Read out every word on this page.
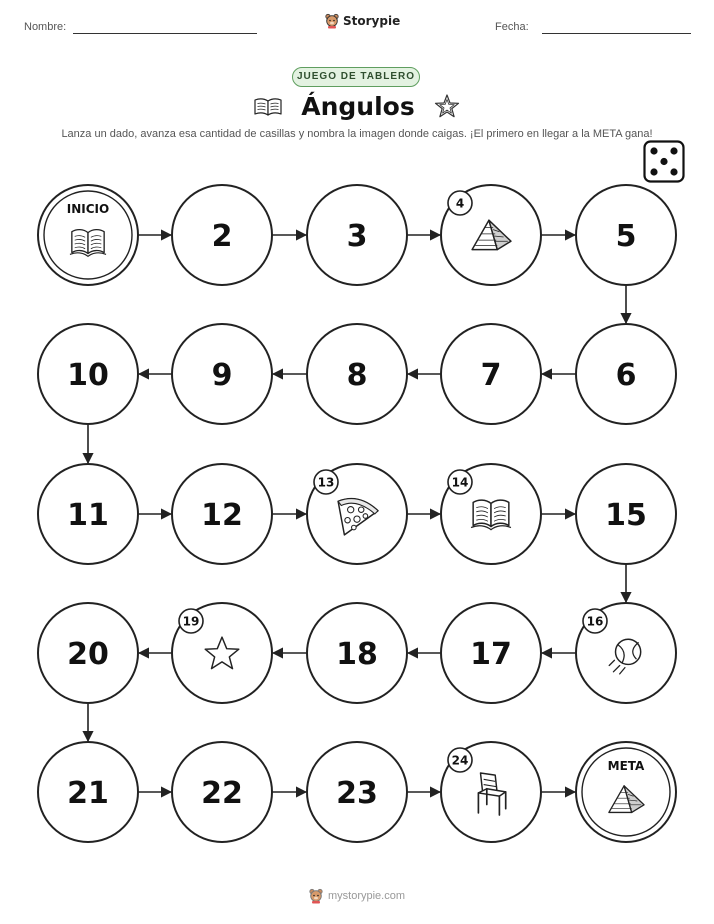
Nombre:	Storypie	Fecha:
JUEGO DE TABLERO
Ángulos
Lanza un dado, avanza esa cantidad de casillas y nombra la imagen donde caigas. ¡El primero en llegar a la META gana!
INICIO
2	3
4
5
6
7
8
9
10
11	12
13	14
15
16
17
18
19
20
21	22	23
24	META
mystorypie.com
